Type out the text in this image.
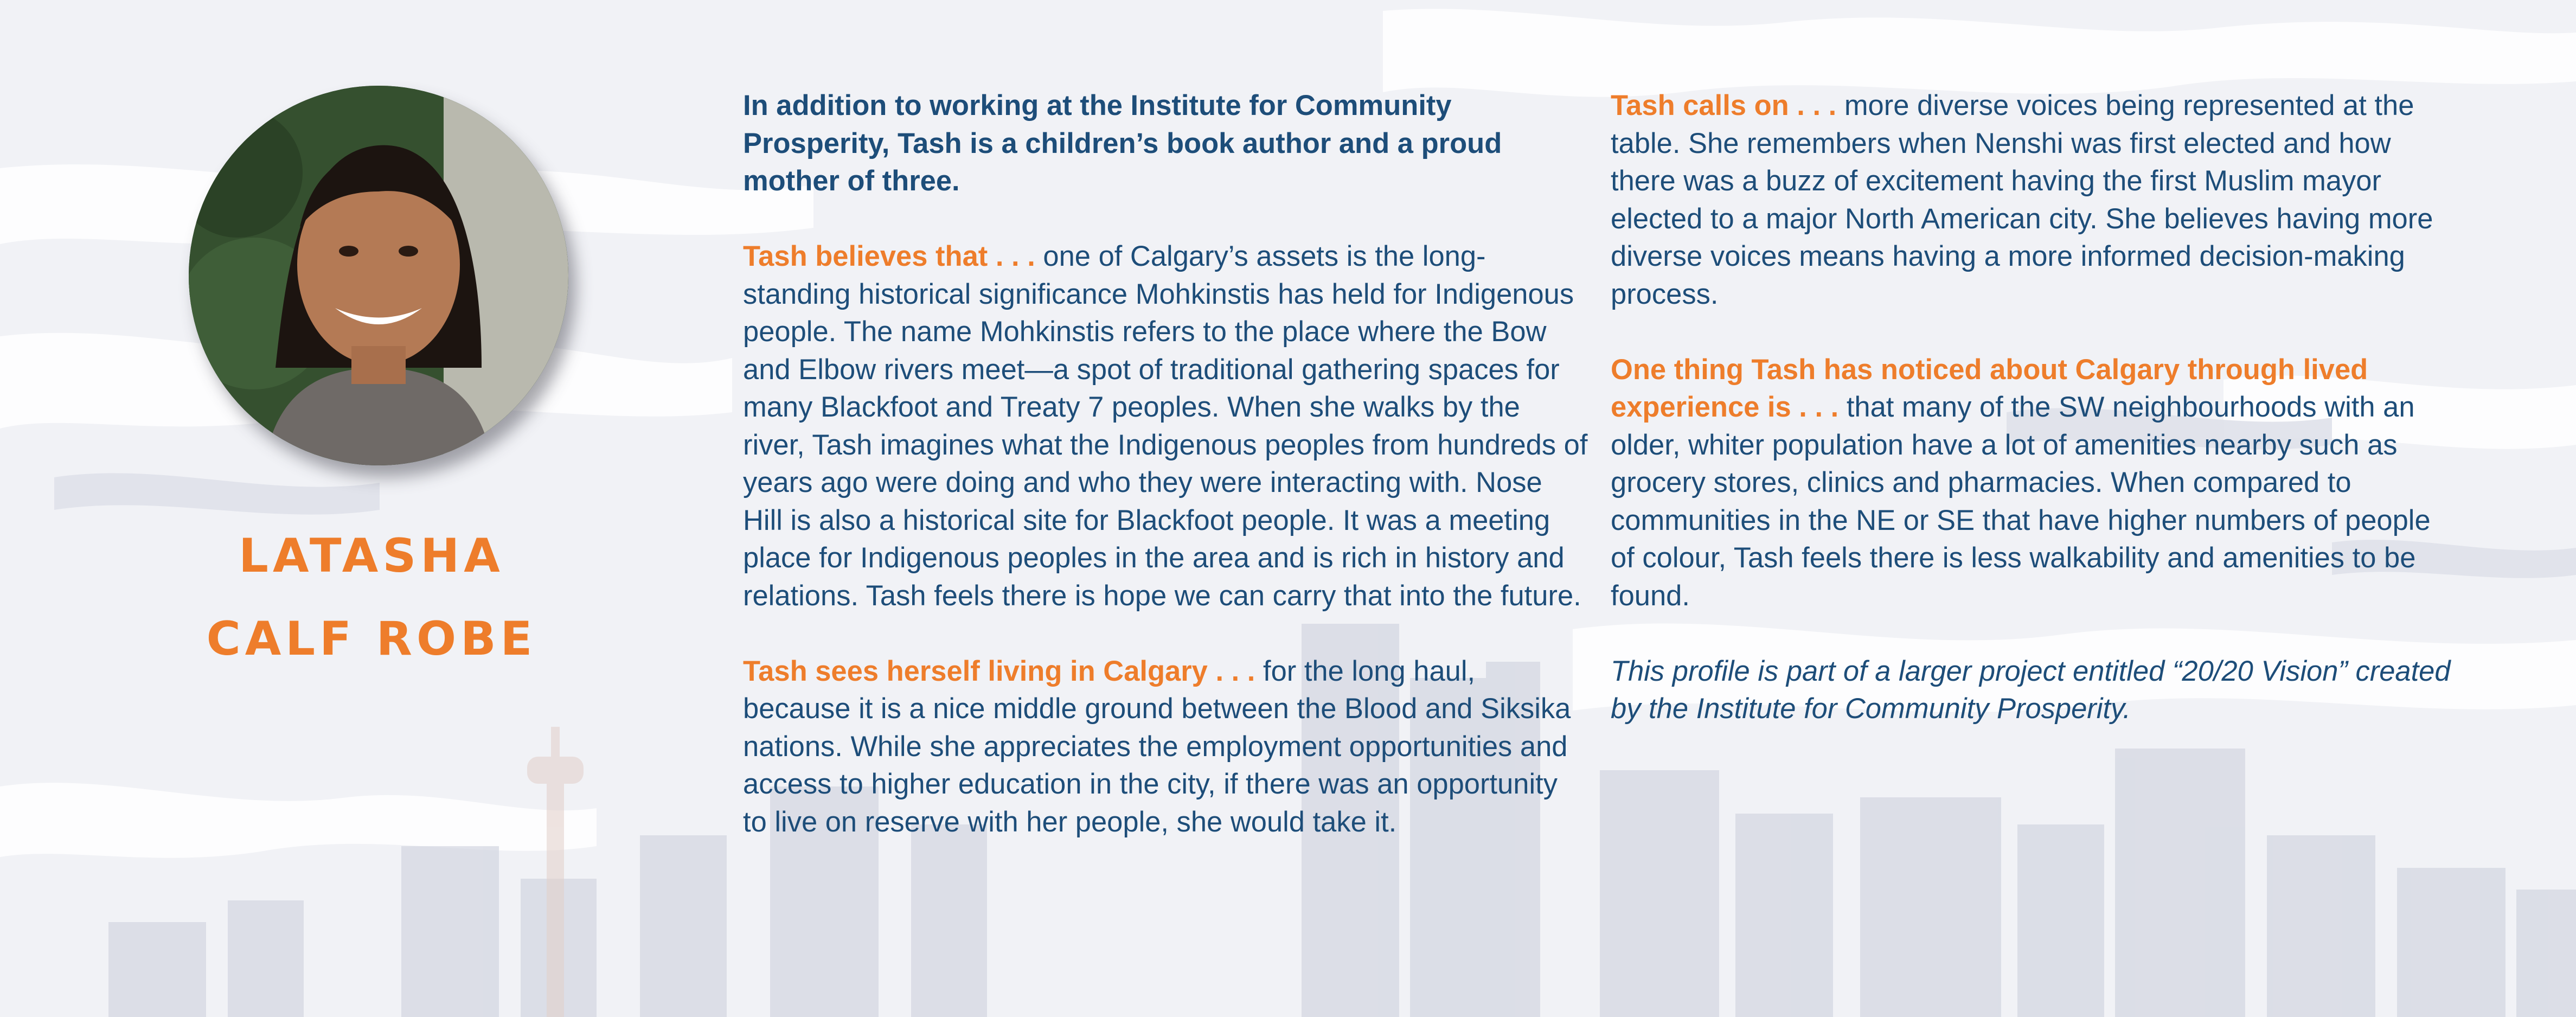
LATASHA
CALF ROBE

In addition to working at the Institute for Community Prosperity, Tash is a children’s book author and a proud mother of three.

Tash believes that . . . one of Calgary’s assets is the long-standing historical significance Mohkinstis has held for Indigenous people. The name Mohkinstis refers to the place where the Bow and Elbow rivers meet—a spot of traditional gathering spaces for many Blackfoot and Treaty 7 peoples. When she walks by the river, Tash imagines what the Indigenous peoples from hundreds of years ago were doing and who they were interacting with. Nose Hill is also a historical site for Blackfoot people. It was a meeting place for Indigenous peoples in the area and is rich in history and relations. Tash feels there is hope we can carry that into the future.

Tash sees herself living in Calgary . . . for the long haul, because it is a nice middle ground between the Blood and Siksika nations. While she appreciates the employment opportunities and access to higher education in the city, if there was an opportunity to live on reserve with her people, she would take it.

Tash calls on . . . more diverse voices being represented at the table. She remembers when Nenshi was first elected and how there was a buzz of excitement having the first Muslim mayor elected to a major North American city. She believes having more diverse voices means having a more informed decision-making process.

One thing Tash has noticed about Calgary through lived experience is . . . that many of the SW neighbourhoods with an older, whiter population have a lot of amenities nearby such as grocery stores, clinics and pharmacies. When compared to communities in the NE or SE that have higher numbers of people of colour, Tash feels there is less walkability and amenities to be found.

This profile is part of a larger project entitled “20/20 Vision” created by the Institute for Community Prosperity.
